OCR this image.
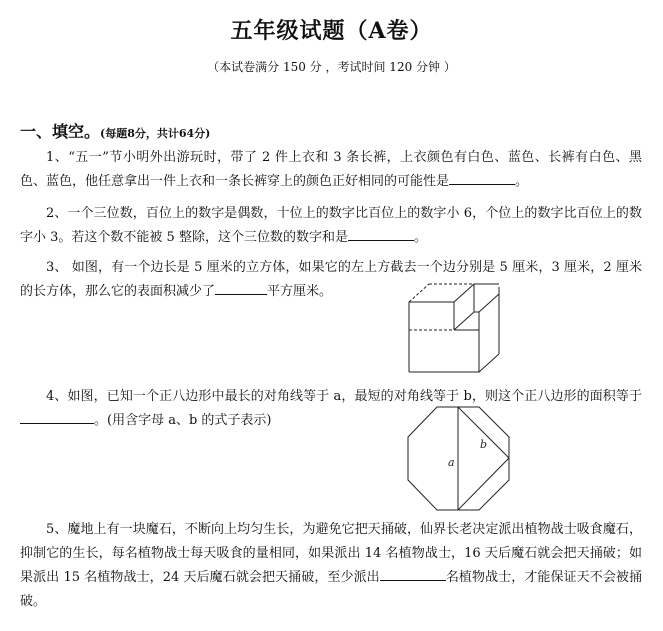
五年级试题（A卷）
（本试卷满分 150 分 ，考试时间 120 分钟 ）
一、填空。(每题8分，共计64分)

1、“五一”节小明外出游玩时，带了 2 件上衣和 3 条长裤，上衣颜色有白色、蓝色、长裤有白色、黑色、蓝色，他任意拿出一件上衣和一条长裤穿上的颜色正好相同的可能性是	。

2、一个三位数，百位上的数字是偶数，十位上的数字比百位上的数字小 6，个位上的数字比百位上的数字小 3。若这个数不能被 5 整除，这个三位数的数字和是	。

3、 如图，有一个边长是 5 厘米的立方体，如果它的左上方截去一个边分别是 5 厘米，3 厘米，2 厘米的长方体，那么它的表面积减少了	平方厘米。

4、如图，已知一个正八边形中最长的对角线等于 a，最短的对角线等于 b，则这个正八边形的面积等于。(用含字母 a、b 的式子表示)

a
b

5、魔地上有一块魔石，不断向上均匀生长，为避免它把天捅破，仙界长老决定派出植物战士吸食魔石，抑制它的生长，每名植物战士每天吸食的量相同，如果派出 14 名植物战士，16 天后魔石就会把天捅破；如果派出 15 名植物战士，24 天后魔石就会把天捅破，至少派出	名植物战士，才能保证天不会被捅破。
